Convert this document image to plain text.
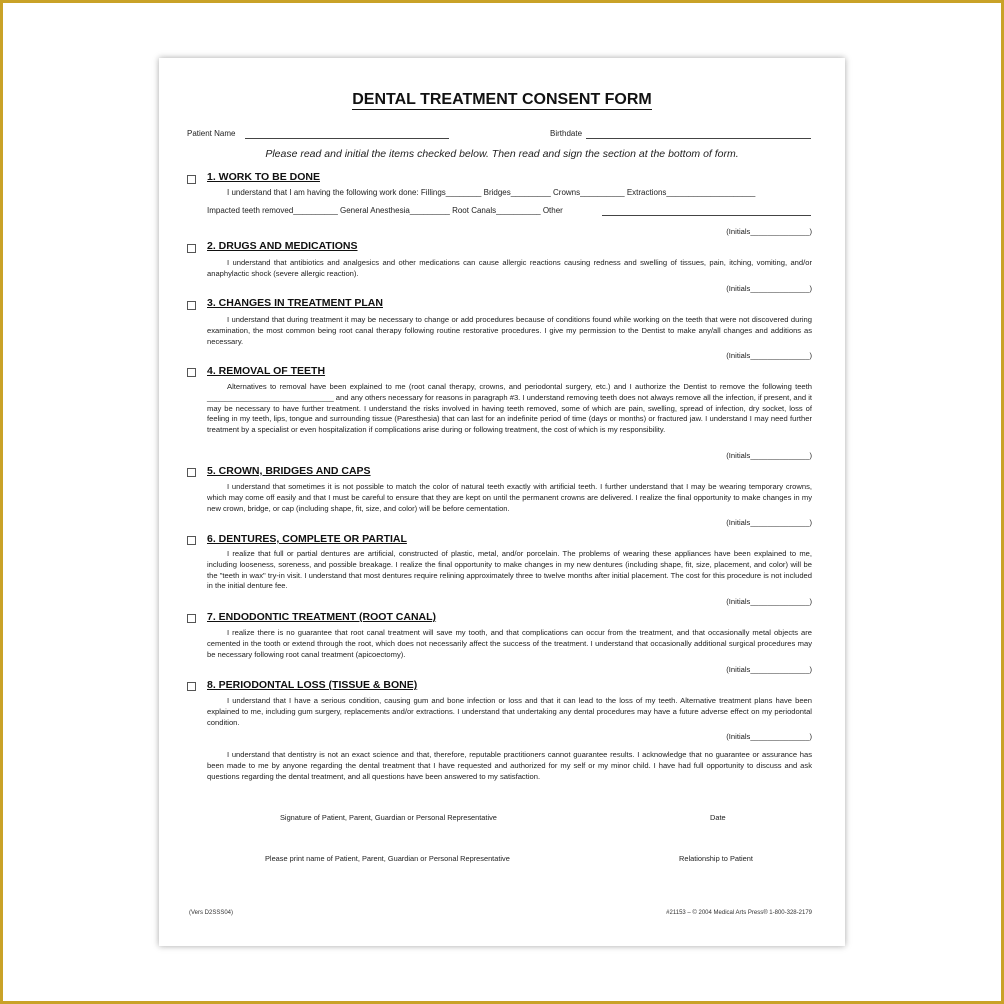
DENTAL TREATMENT CONSENT FORM
Patient Name	Birthdate
Please read and initial the items checked below. Then read and sign the section at the bottom of form.
1. WORK TO BE DONE
I understand that I am having the following work done: Fillings________ Bridges_________ Crowns__________ Extractions____________________
Impacted teeth removed__________ General Anesthesia_________ Root Canals__________ Other
(Initials______________)
2. DRUGS AND MEDICATIONS
I understand that antibiotics and analgesics and other medications can cause allergic reactions causing redness and swelling of tissues, pain, itching, vomiting, and/or anaphylactic shock (severe allergic reaction).
(Initials______________)
3. CHANGES IN TREATMENT PLAN
I understand that during treatment it may be necessary to change or add procedures because of conditions found while working on the teeth that were not discovered during examination, the most common being root canal therapy following routine restorative procedures. I give my permission to the Dentist to make any/all changes and additions as necessary.
(Initials______________)
4. REMOVAL OF TEETH
Alternatives to removal have been explained to me (root canal therapy, crowns, and periodontal surgery, etc.) and I authorize the Dentist to remove the following teeth ______________________________ and any others necessary for reasons in paragraph #3. I understand removing teeth does not always remove all the infection, if present, and it may be necessary to have further treatment. I understand the risks involved in having teeth removed, some of which are pain, swelling, spread of infection, dry socket, loss of feeling in my teeth, lips, tongue and surrounding tissue (Paresthesia) that can last for an indefinite period of time (days or months) or fractured jaw. I understand I may need further treatment by a specialist or even hospitalization if complications arise during or following treatment, the cost of which is my responsibility.
(Initials______________)
5. CROWN, BRIDGES AND CAPS
I understand that sometimes it is not possible to match the color of natural teeth exactly with artificial teeth. I further understand that I may be wearing temporary crowns, which may come off easily and that I must be careful to ensure that they are kept on until the permanent crowns are delivered. I realize the final opportunity to make changes in my new crown, bridge, or cap (including shape, fit, size, and color) will be before cementation.
(Initials______________)
6. DENTURES, COMPLETE OR PARTIAL
I realize that full or partial dentures are artificial, constructed of plastic, metal, and/or porcelain. The problems of wearing these appliances have been explained to me, including looseness, soreness, and possible breakage. I realize the final opportunity to make changes in my new dentures (including shape, fit, size, placement, and color) will be the "teeth in wax" try-in visit. I understand that most dentures require relining approximately three to twelve months after initial placement. The cost for this procedure is not included in the initial denture fee.
(Initials______________)
7. ENDODONTIC TREATMENT (ROOT CANAL)
I realize there is no guarantee that root canal treatment will save my tooth, and that complications can occur from the treatment, and that occasionally metal objects are cemented in the tooth or extend through the root, which does not necessarily affect the success of the treatment. I understand that occasionally additional surgical procedures may be necessary following root canal treatment (apicoectomy).
(Initials______________)
8. PERIODONTAL LOSS (TISSUE & BONE)
I understand that I have a serious condition, causing gum and bone infection or loss and that it can lead to the loss of my teeth. Alternative treatment plans have been explained to me, including gum surgery, replacements and/or extractions. I understand that undertaking any dental procedures may have a future adverse effect on my periodontal condition.
(Initials______________)
I understand that dentistry is not an exact science and that, therefore, reputable practitioners cannot guarantee results. I acknowledge that no guarantee or assurance has been made to me by anyone regarding the dental treatment that I have requested and authorized for my self or my minor child. I have had full opportunity to discuss and ask questions regarding the dental treatment, and all questions have been answered to my satisfaction.
Signature of Patient, Parent, Guardian or Personal Representative	Date
Please print name of Patient, Parent, Guardian or Personal Representative	Relationship to Patient
(Vers D2SSS04)	#21153 – © 2004 Medical Arts Press® 1-800-328-2179
